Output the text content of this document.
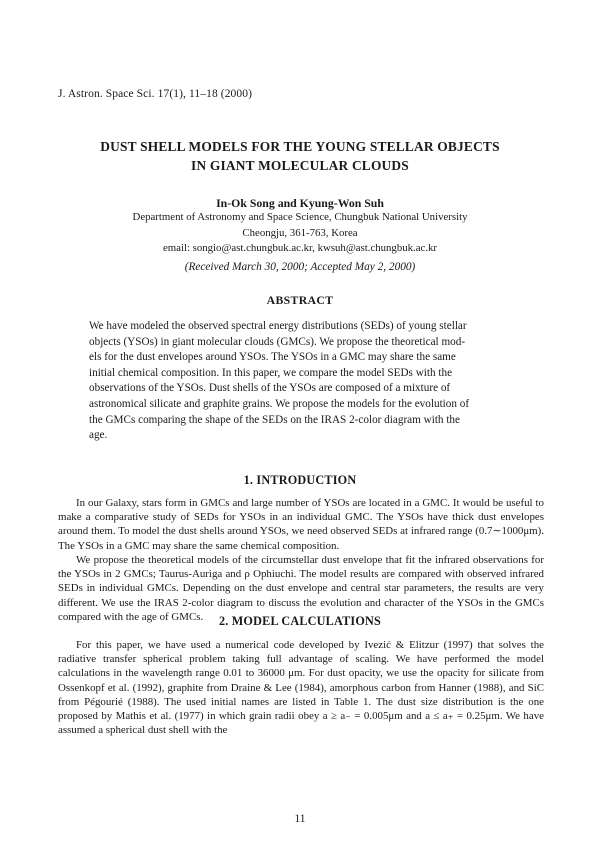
J. Astron. Space Sci. 17(1), 11–18 (2000)
DUST SHELL MODELS FOR THE YOUNG STELLAR OBJECTS
IN GIANT MOLECULAR CLOUDS
In-Ok Song and Kyung-Won Suh
Department of Astronomy and Space Science, Chungbuk National University
Cheongju, 361-763, Korea
email: songio@ast.chungbuk.ac.kr, kwsuh@ast.chungbuk.ac.kr
(Received March 30, 2000; Accepted May 2, 2000)
ABSTRACT
We have modeled the observed spectral energy distributions (SEDs) of young stellar
objects (YSOs) in giant molecular clouds (GMCs). We propose the theoretical mod-
els for the dust envelopes around YSOs. The YSOs in a GMC may share the same
initial chemical composition. In this paper, we compare the model SEDs with the
observations of the YSOs. Dust shells of the YSOs are composed of a mixture of
astronomical silicate and graphite grains. We propose the models for the evolution of
the GMCs comparing the shape of the SEDs on the IRAS 2-color diagram with the
age.
1. INTRODUCTION

In our Galaxy, stars form in GMCs and large number of YSOs are located in a GMC. It would be useful to make a comparative study of SEDs for YSOs in an individual GMC. The YSOs have thick dust envelopes around them. To model the dust shells around YSOs, we need observed SEDs at infrared range (0.7∼1000μm). The YSOs in a GMC may share the same chemical composition.

We propose the theoretical models of the circumstellar dust envelope that fit the infrared observations for the YSOs in 2 GMCs; Taurus-Auriga and ρ Ophiuchi. The model results are compared with observed infrared SEDs in individual GMCs. Depending on the dust envelope and central star parameters, the results are very different. We use the IRAS 2-color diagram to discuss the evolution and character of the YSOs in the GMCs compared with the age of GMCs.	2. MODEL CALCULATIONS

For this paper, we have used a numerical code developed by Ivezić & Elitzur (1997) that solves the radiative transfer spherical problem taking full advantage of scaling. We have performed the model calculations in the wavelength range 0.01 to 36000 μm. For dust opacity, we use the opacity for silicate from Ossenkopf et al. (1992), graphite from Draine & Lee (1984), amorphous carbon from Hanner (1988), and SiC from Pégourié (1988). The used initial names are listed in Table 1. The dust size distribution is the one proposed by Mathis et al. (1977) in which grain radii obey a ≥ a₋ = 0.005μm and a ≤ a₊ = 0.25μm. We have assumed a spherical dust shell with the

11
